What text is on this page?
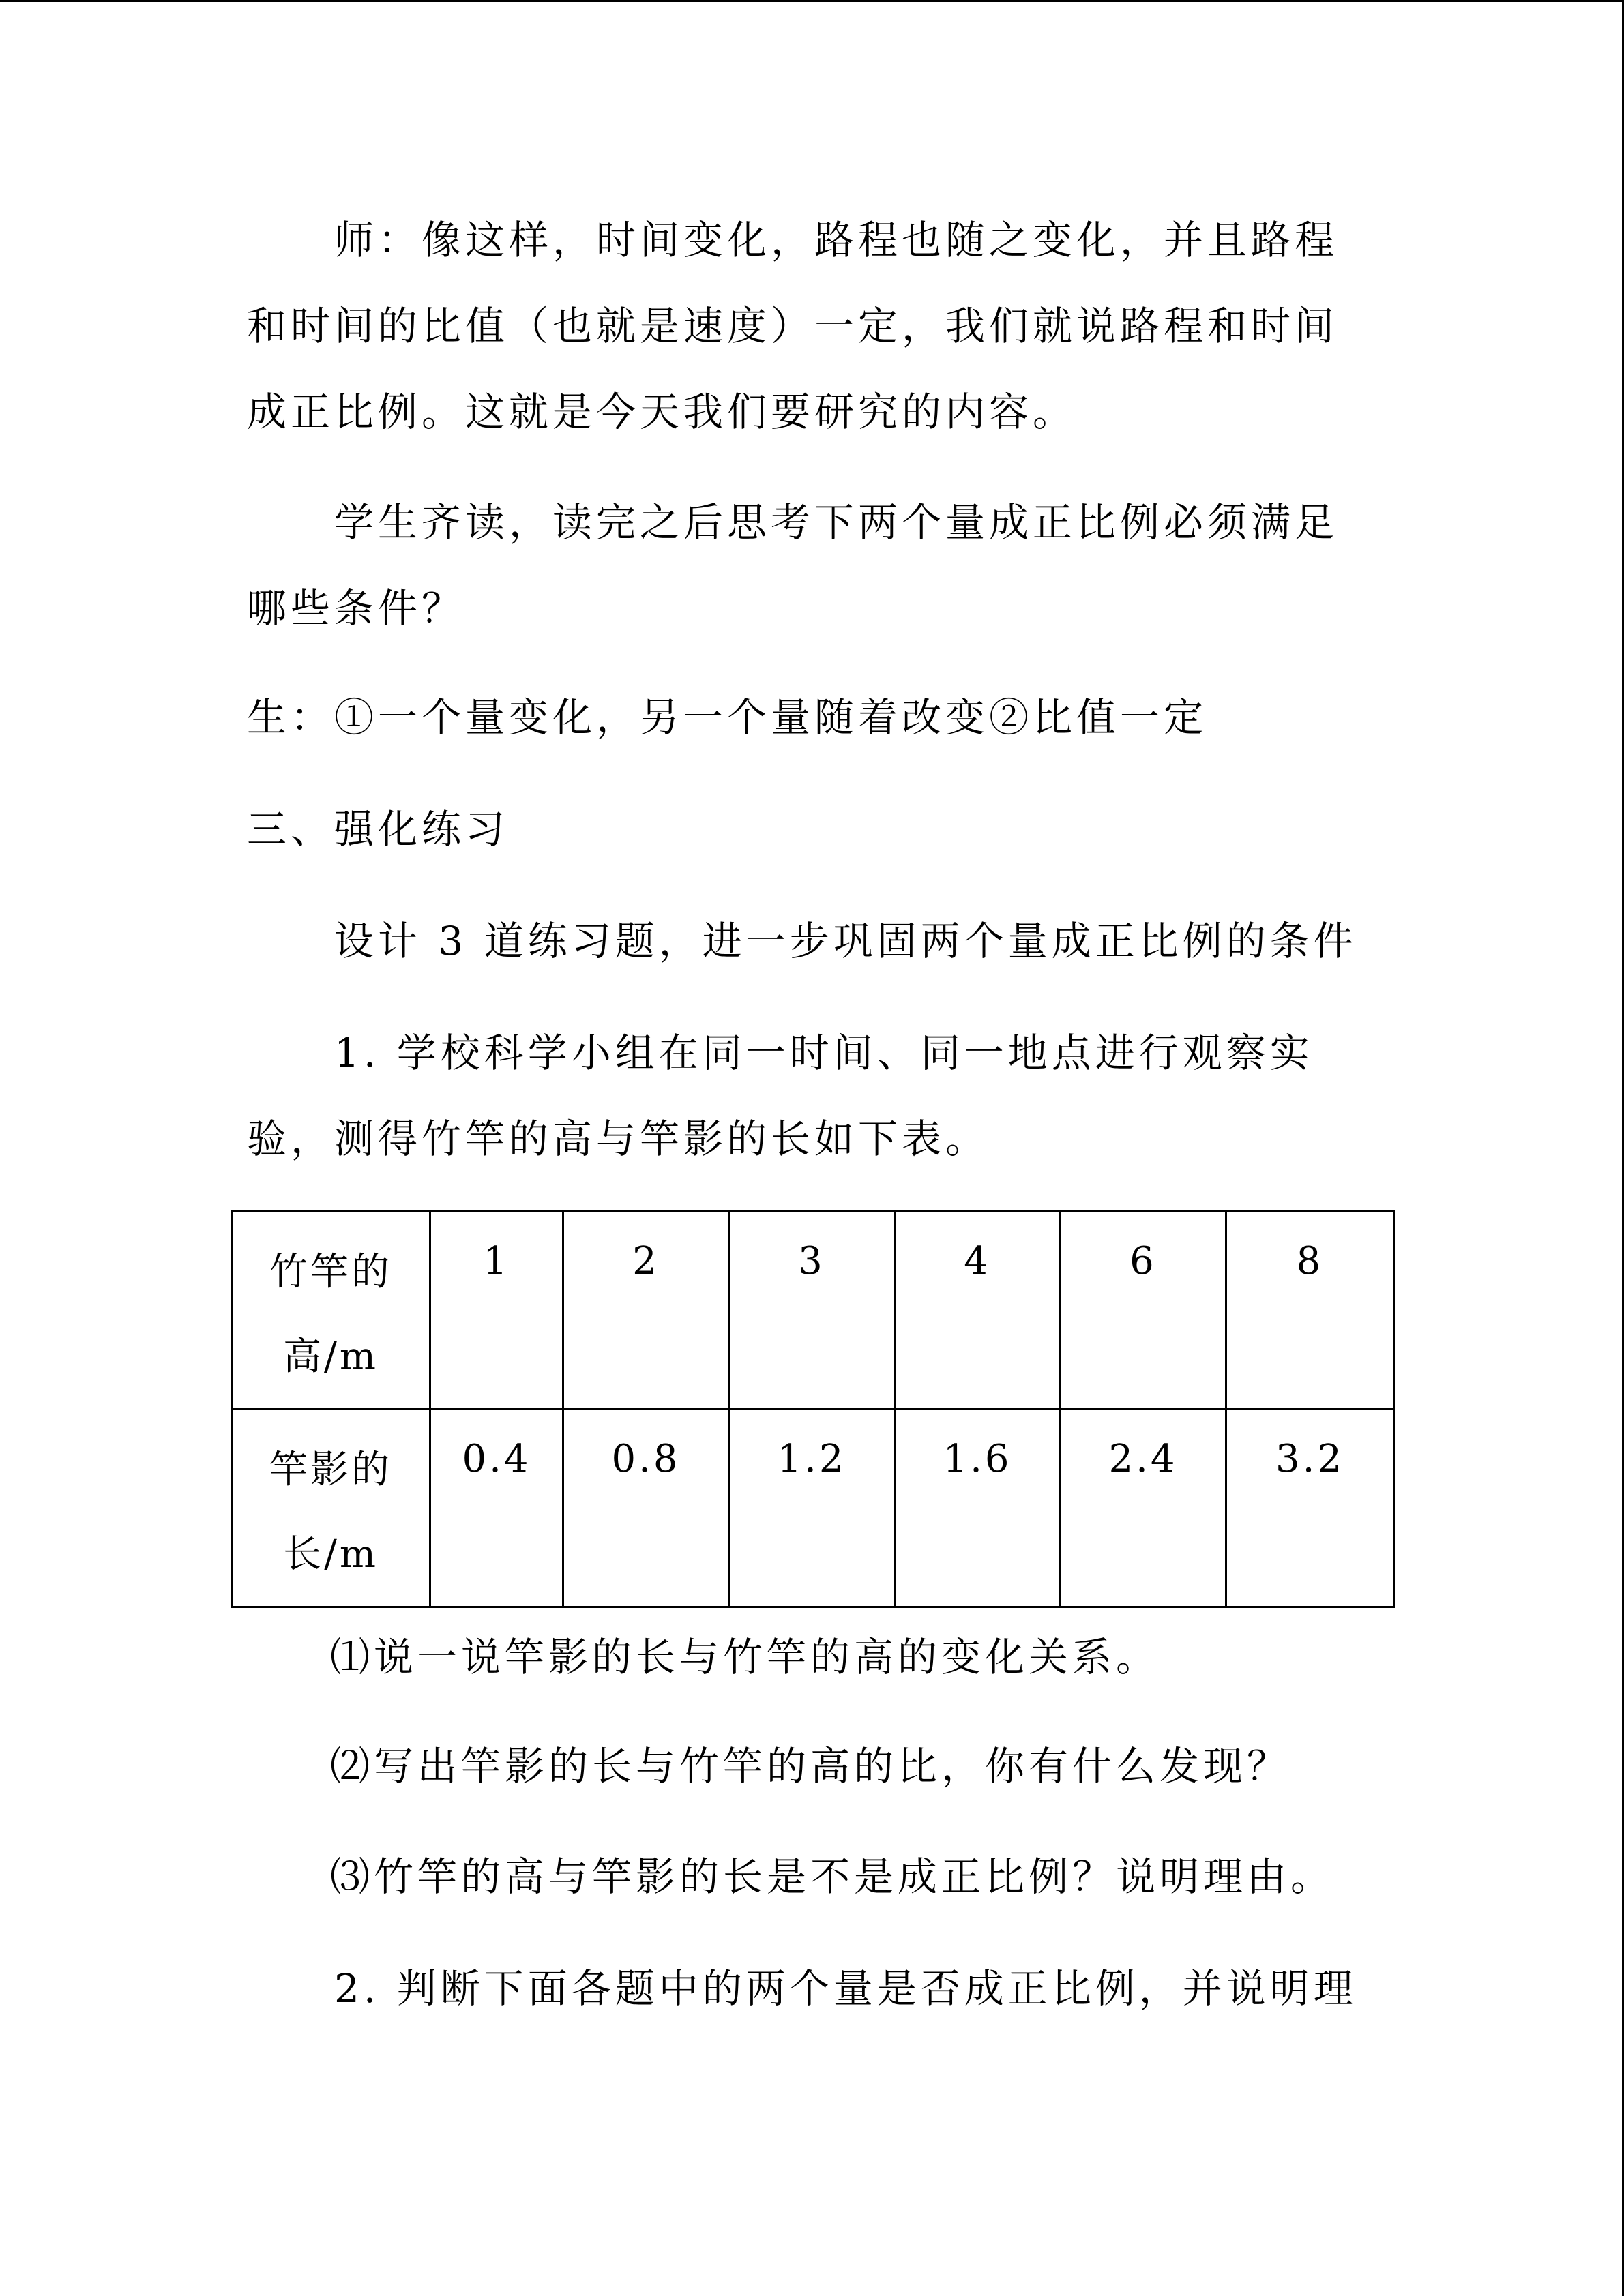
师：像这样，时间变化，路程也随之变化，并且路程
和时间的比值（也就是速度）一定，我们就说路程和时间
成正比例。这就是今天我们要研究的内容。
学生齐读，读完之后思考下两个量成正比例必须满足
哪些条件？
生：①一个量变化，另一个量随着改变②比值一定
三、强化练习
设计 3 道练习题，进一步巩固两个量成正比例的条件
1. 学校科学小组在同一时间、同一地点进行观察实
验，测得竹竿的高与竿影的长如下表。
竹竿的
高/m	1	2	3	4	6	8

竿影的
长/m	0.4	0.8	1.2	1.6	2.4	3.2
⑴说一说竿影的长与竹竿的高的变化关系。
⑵写出竿影的长与竹竿的高的比，你有什么发现？
⑶竹竿的高与竿影的长是不是成正比例？说明理由。
2. 判断下面各题中的两个量是否成正比例，并说明理
